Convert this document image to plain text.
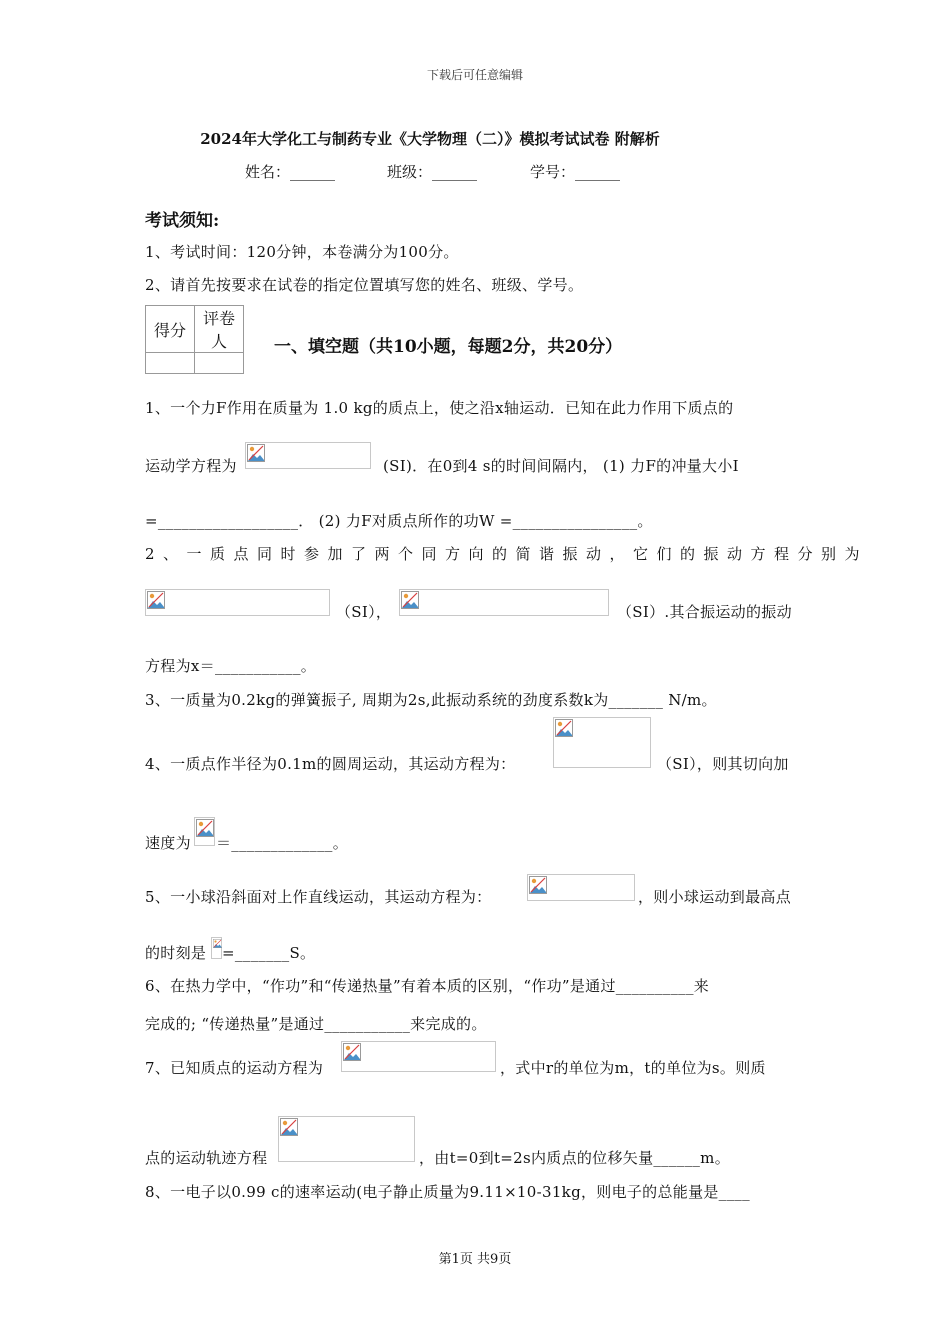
下载后可任意编辑
2024年大学化工与制药专业《大学物理（二）》模拟考试试卷 附解析
姓名：______	班级：______	学号：______
考试须知:
1、考试时间：120分钟，本卷满分为100分。
2、请首先按要求在试卷的指定位置填写您的姓名、班级、学号。
得分	评卷人
		一、填空题（共10小题，每题2分，共20分）
1、一个力F作用在质量为 1.0 kg的质点上，使之沿x轴运动．已知在此力作用下质点的
运动学方程为	(SI)．在0到4 s的时间间隔内， (1) 力F的冲量大小I
=__________________． (2) 力F对质点所作的功W =________________。
2、一质点同时参加了两个同方向的简谐振动，它们的振动方程分别为
（SI），	（SI）.其合振运动的振动
方程为x＝___________。
3、一质量为0.2kg的弹簧振子, 周期为2s,此振动系统的劲度系数k为_______ N/m。
4、一质点作半径为0.1m的圆周运动，其运动方程为：	（SI），则其切向加
速度为 ＝_____________。
5、一小球沿斜面对上作直线运动，其运动方程为：	，则小球运动到最高点
的时刻是 =_______S。
6、在热力学中，“作功”和“传递热量”有着本质的区别，“作功”是通过__________来
完成的; “传递热量”是通过___________来完成的。
7、已知质点的运动方程为	，式中r的单位为m，t的单位为s。则质
点的运动轨迹方程	，由t=0到t=2s内质点的位移矢量______m。
8、一电子以0.99 c的速率运动(电子静止质量为9.11×10-31kg，则电子的总能量是____
第1页 共9页
